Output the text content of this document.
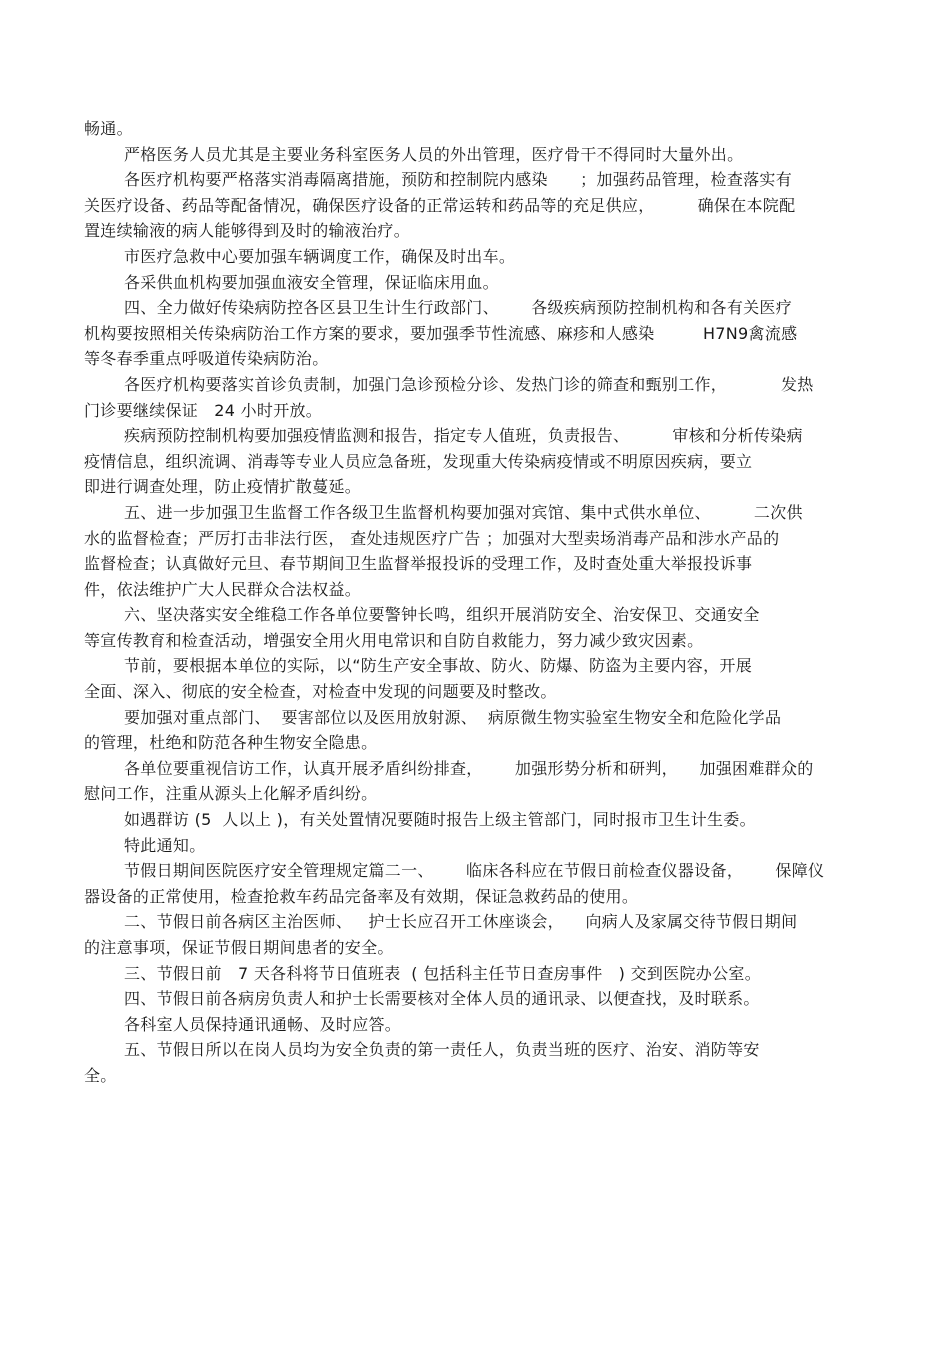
畅通。
严格医务人员尤其是主要业务科室医务人员的外出管理，医疗骨干不得同时大量外出。
各医疗机构要严格落实消毒隔离措施，预防和控制院内感染      ；加强药品管理，检查落实有
关医疗设备、药品等配备情况，确保医疗设备的正常运转和药品等的充足供应，        确保在本院配
置连续输液的病人能够得到及时的输液治疗。
市医疗急救中心要加强车辆调度工作，确保及时出车。
各采供血机构要加强血液安全管理，保证临床用血。
四、全力做好传染病防控各区县卫生计生行政部门、      各级疾病预防控制机构和各有关医疗
机构要按照相关传染病防治工作方案的要求，要加强季节性流感、麻疹和人感染         H7N9禽流感
等冬春季重点呼吸道传染病防治。
各医疗机构要落实首诊负责制，加强门急诊预检分诊、发热门诊的筛查和甄别工作，          发热
门诊要继续保证   24 小时开放。
疾病预防控制机构要加强疫情监测和报告，指定专人值班，负责报告、        审核和分析传染病
疫情信息，组织流调、消毒等专业人员应急备班，发现重大传染病疫情或不明原因疾病，要立
即进行调查处理，防止疫情扩散蔓延。
五、进一步加强卫生监督工作各级卫生监督机构要加强对宾馆、集中式供水单位、        二次供
水的监督检查；严厉打击非法行医， 查处违规医疗广告 ；加强对大型卖场消毒产品和涉水产品的
监督检查；认真做好元旦、春节期间卫生监督举报投诉的受理工作，及时查处重大举报投诉事
件，依法维护广大人民群众合法权益。
六、坚决落实安全维稳工作各单位要警钟长鸣，组织开展消防安全、治安保卫、交通安全
等宣传教育和检查活动，增强安全用火用电常识和自防自救能力，努力减少致灾因素。
节前，要根据本单位的实际，以“防生产安全事故、防火、防爆、防盗为主要内容，开展
全面、深入、彻底的安全检查，对检查中发现的问题要及时整改。
要加强对重点部门、  要害部位以及医用放射源、  病原微生物实验室生物安全和危险化学品
的管理，杜绝和防范各种生物安全隐患。
各单位要重视信访工作，认真开展矛盾纠纷排查，      加强形势分析和研判，    加强困难群众的
慰问工作，注重从源头上化解矛盾纠纷。
如遇群访 (5  人以上 )，有关处置情况要随时报告上级主管部门，同时报市卫生计生委。
特此通知。
节假日期间医院医疗安全管理规定篇二一、      临床各科应在节假日前检查仪器设备，      保障仪
器设备的正常使用，检查抢救车药品完备率及有效期，保证急救药品的使用。
二、节假日前各病区主治医师、   护士长应召开工休座谈会，    向病人及家属交待节假日期间
的注意事项，保证节假日期间患者的安全。
三、节假日前   7 天各科将节日值班表  ( 包括科主任节日查房事件   ) 交到医院办公室。
四、节假日前各病房负责人和护士长需要核对全体人员的通讯录、以便查找，及时联系。
各科室人员保持通讯通畅、及时应答。
五、节假日所以在岗人员均为安全负责的第一责任人，负责当班的医疗、治安、消防等安
全。
